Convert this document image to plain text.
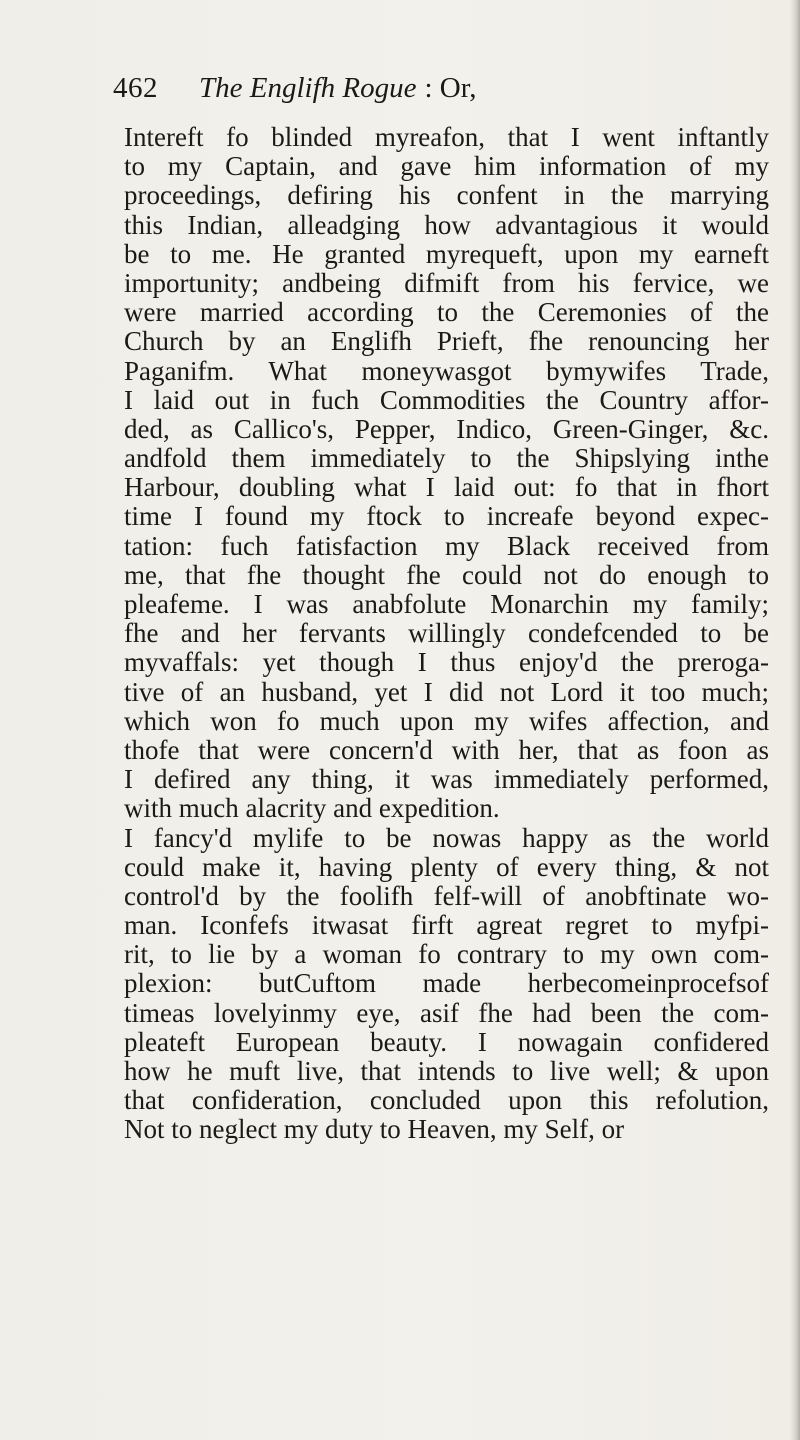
462 The Englifh Rogue : Or,
Intereft fo blinded myreafon, that I went inftantly
to my Captain, and gave him information of my
proceedings, defiring his confent in the marrying
this Indian, alleadging how advantagious it would
be to me. He granted myrequeft, upon my earneft
importunity; andbeing difmift from his fervice, we
were married according to the Ceremonies of the
Church by an Englifh Prieft, fhe renouncing her
Paganifm. What moneywasgot bymywifes Trade,
I laid out in fuch Commodities the Country affor-
ded, as Callico's, Pepper, Indico, Green-Ginger, &c.
andfold them immediately to the Shipslying inthe
Harbour, doubling what I laid out: fo that in fhort
time I found my ftock to increafe beyond expec-
tation: fuch fatisfaction my Black received from
me, that fhe thought fhe could not do enough to
pleafeme. I was anabfolute Monarchin my family;
fhe and her fervants willingly condefcended to be
myvaffals: yet though I thus enjoy'd the preroga-
tive of an husband, yet I did not Lord it too much;
which won fo much upon my wifes affection, and
thofe that were concern'd with her, that as foon as
I defired any thing, it was immediately performed,
with much alacrity and expedition.
I fancy'd mylife to be nowas happy as the world
could make it, having plenty of every thing, & not
control'd by the foolifh felf-will of anobftinate wo-
man. Iconfefs itwasat firft agreat regret to myfpi-
rit, to lie by a woman fo contrary to my own com-
plexion: butCuftom made herbecomeinprocefsof
timeas lovelyinmy eye, asif fhe had been the com-
pleateft European beauty. I nowagain confidered
how he muft live, that intends to live well; & upon
that confideration, concluded upon this refolution,
Not to neglect my duty to Heaven, my Self, or
